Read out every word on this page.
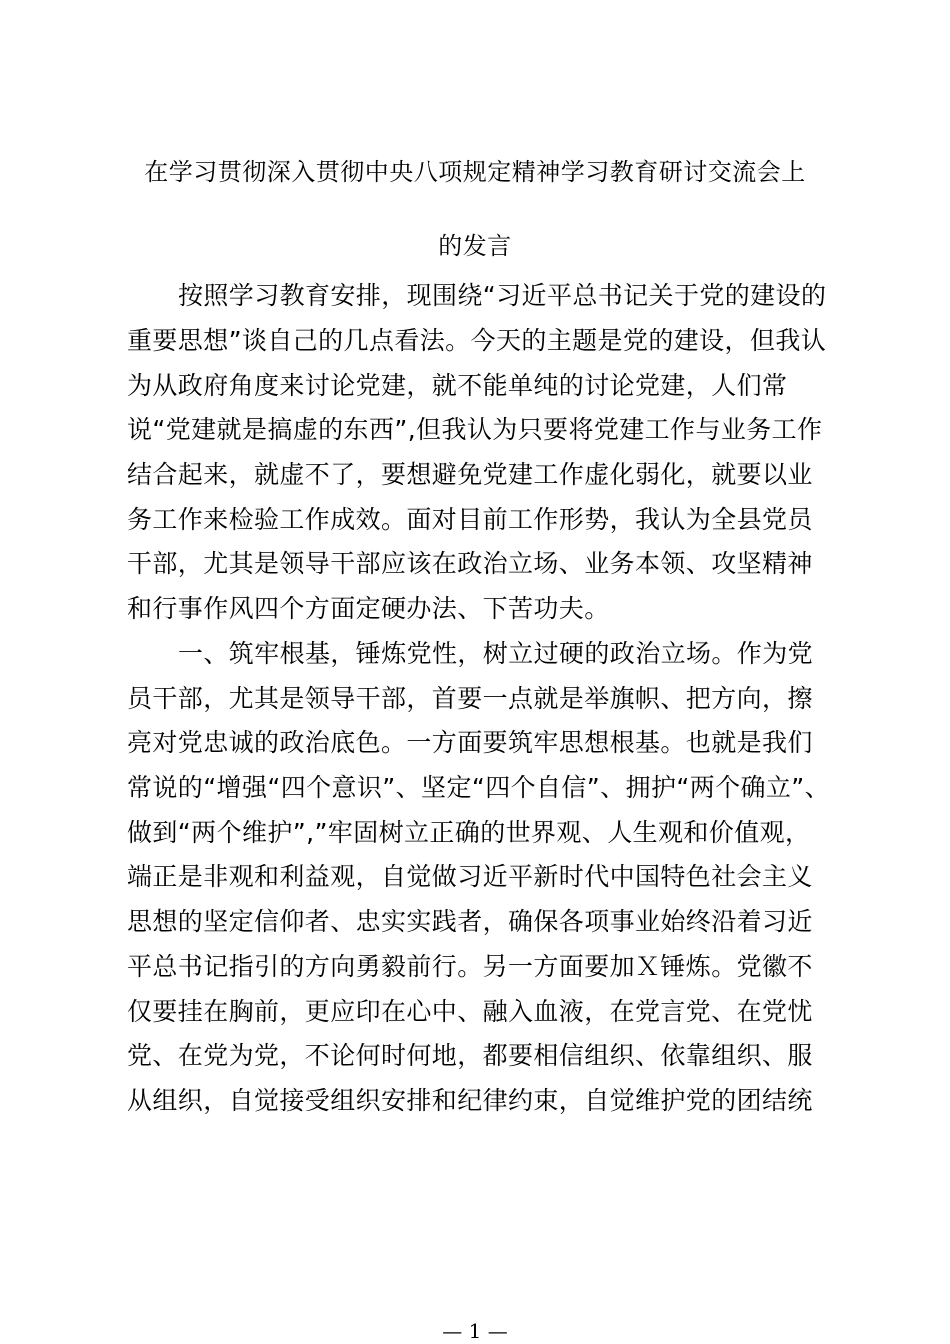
在学习贯彻深入贯彻中央八项规定精神学习教育研讨交流会上
的发言
按照学习教育安排，现围绕“习近平总书记关于党的建设的
重要思想”谈自己的几点看法。今天的主题是党的建设，但我认
为从政府角度来讨论党建，就不能单纯的讨论党建，人们常
说“党建就是搞虚的东西”,但我认为只要将党建工作与业务工作
结合起来，就虚不了，要想避免党建工作虚化弱化，就要以业
务工作来检验工作成效。面对目前工作形势，我认为全县党员
干部，尤其是领导干部应该在政治立场、业务本领、攻坚精神
和行事作风四个方面定硬办法、下苦功夫。
一、筑牢根基，锤炼党性，树立过硬的政治立场。作为党
员干部，尤其是领导干部，首要一点就是举旗帜、把方向，擦
亮对党忠诚的政治底色。一方面要筑牢思想根基。也就是我们
常说的“增强“四个意识”、坚定“四个自信”、拥护“两个确立”、
做到“两个维护”,”牢固树立正确的世界观、人生观和价值观，
端正是非观和利益观，自觉做习近平新时代中国特色社会主义
思想的坚定信仰者、忠实实践者，确保各项事业始终沿着习近
平总书记指引的方向勇毅前行。另一方面要加Ｘ锤炼。党徽不
仅要挂在胸前，更应印在心中、融入血液，在党言党、在党忧
党、在党为党，不论何时何地，都要相信组织、依靠组织、服
从组织，自觉接受组织安排和纪律约束，自觉维护党的团结统
— 1 —
